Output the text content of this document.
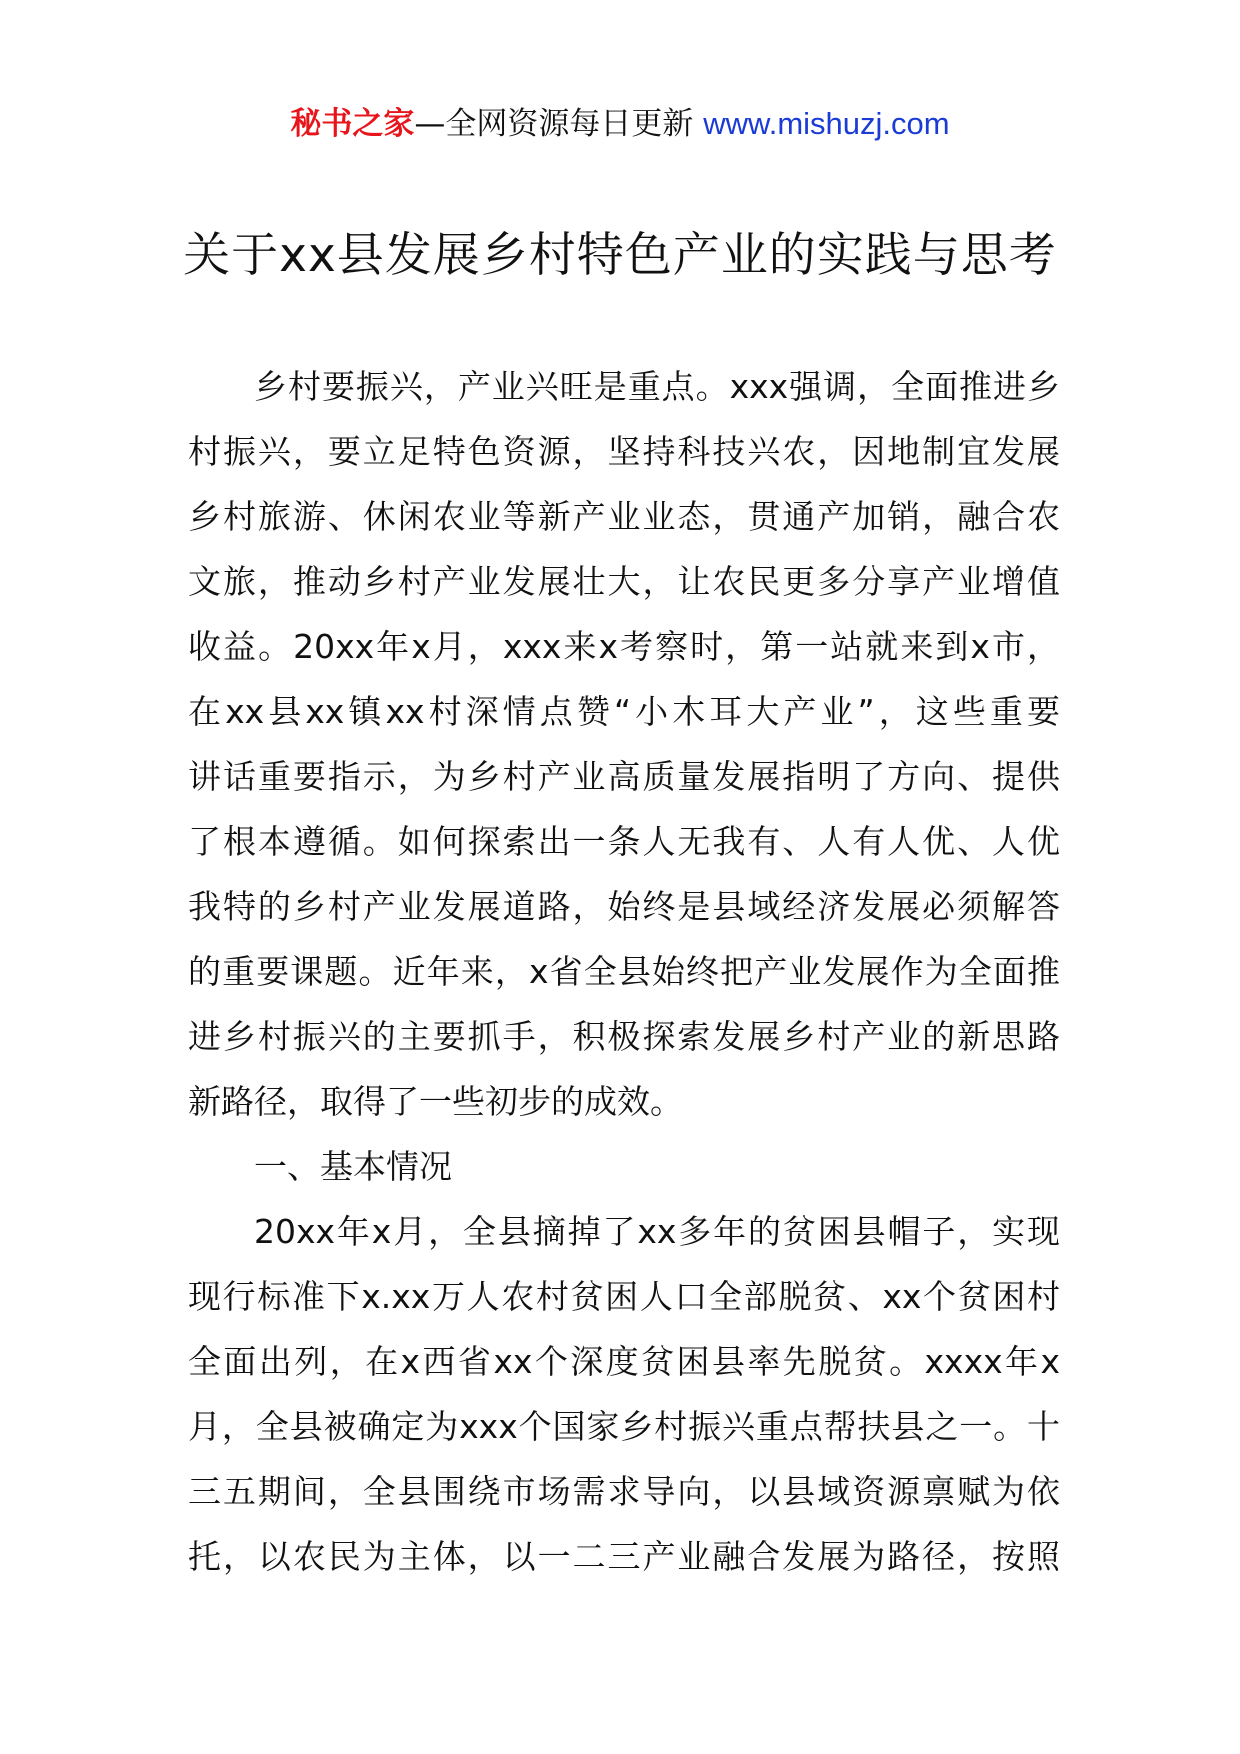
秘书之家—全网资源每日更新 www.mishuzj.com
关于xx县发展乡村特色产业的实践与思考
乡村要振兴，产业兴旺是重点。xxx强调，全面推进乡
村振兴，要立足特色资源，坚持科技兴农，因地制宜发展
乡村旅游、休闲农业等新产业业态，贯通产加销，融合农
文旅，推动乡村产业发展壮大，让农民更多分享产业增值
收益。20xx年x月，xxx来x考察时，第一站就来到x市，
在xx县xx镇xx村深情点赞“小木耳大产业”，这些重要
讲话重要指示，为乡村产业高质量发展指明了方向、提供
了根本遵循。如何探索出一条人无我有、人有人优、人优
我特的乡村产业发展道路，始终是县域经济发展必须解答
的重要课题。近年来，x省全县始终把产业发展作为全面推
进乡村振兴的主要抓手，积极探索发展乡村产业的新思路
新路径，取得了一些初步的成效。
一、基本情况
20xx年x月，全县摘掉了xx多年的贫困县帽子，实现
现行标准下x.xx万人农村贫困人口全部脱贫、xx个贫困村
全面出列，在x西省xx个深度贫困县率先脱贫。xxxx年x
月，全县被确定为xxx个国家乡村振兴重点帮扶县之一。十
三五期间，全县围绕市场需求导向，以县域资源禀赋为依
托，以农民为主体，以一二三产业融合发展为路径，按照
